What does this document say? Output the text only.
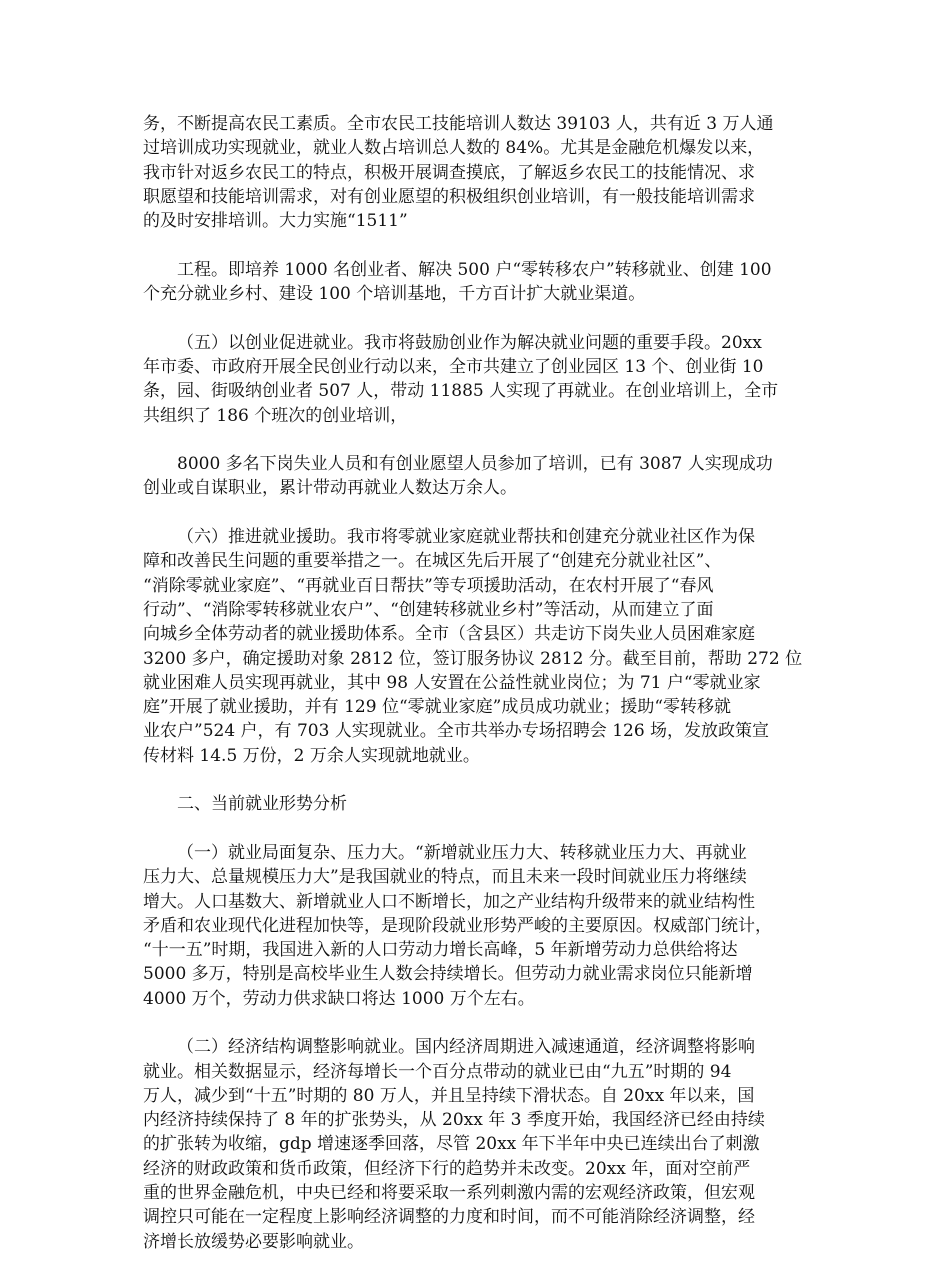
务，不断提高农民工素质。全市农民工技能培训人数达 39103 人，共有近 3 万人通
过培训成功实现就业，就业人数占培训总人数的 84%。尤其是金融危机爆发以来，
我市针对返乡农民工的特点，积极开展调查摸底，了解返乡农民工的技能情况、求
职愿望和技能培训需求，对有创业愿望的积极组织创业培训，有一般技能培训需求
的及时安排培训。大力实施“1511”
工程。即培养 1000 名创业者、解决 500 户“零转移农户”转移就业、创建 100
个充分就业乡村、建设 100 个培训基地，千方百计扩大就业渠道。
（五）以创业促进就业。我市将鼓励创业作为解决就业问题的重要手段。20xx
年市委、市政府开展全民创业行动以来，全市共建立了创业园区 13 个、创业街 10
条，园、街吸纳创业者 507 人，带动 11885 人实现了再就业。在创业培训上，全市
共组织了 186 个班次的创业培训，
8000 多名下岗失业人员和有创业愿望人员参加了培训，已有 3087 人实现成功
创业或自谋职业，累计带动再就业人数达万余人。
（六）推进就业援助。我市将零就业家庭就业帮扶和创建充分就业社区作为保
障和改善民生问题的重要举措之一。在城区先后开展了“创建充分就业社区”、
“消除零就业家庭”、“再就业百日帮扶”等专项援助活动，在农村开展了“春风
行动”、“消除零转移就业农户”、“创建转移就业乡村”等活动，从而建立了面
向城乡全体劳动者的就业援助体系。全市（含县区）共走访下岗失业人员困难家庭
3200 多户，确定援助对象 2812 位，签订服务协议 2812 分。截至目前，帮助 272 位
就业困难人员实现再就业，其中 98 人安置在公益性就业岗位；为 71 户“零就业家
庭”开展了就业援助，并有 129 位“零就业家庭”成员成功就业；援助“零转移就
业农户”524 户，有 703 人实现就业。全市共举办专场招聘会 126 场，发放政策宣
传材料 14.5 万份，2 万余人实现就地就业。
二、当前就业形势分析
（一）就业局面复杂、压力大。“新增就业压力大、转移就业压力大、再就业
压力大、总量规模压力大”是我国就业的特点，而且未来一段时间就业压力将继续
增大。人口基数大、新增就业人口不断增长，加之产业结构升级带来的就业结构性
矛盾和农业现代化进程加快等，是现阶段就业形势严峻的主要原因。权威部门统计，
“十一五”时期，我国进入新的人口劳动力增长高峰，5 年新增劳动力总供给将达
5000 多万，特别是高校毕业生人数会持续增长。但劳动力就业需求岗位只能新增
4000 万个，劳动力供求缺口将达 1000 万个左右。
（二）经济结构调整影响就业。国内经济周期进入减速通道，经济调整将影响
就业。相关数据显示，经济每增长一个百分点带动的就业已由“九五”时期的 94
万人，减少到“十五”时期的 80 万人，并且呈持续下滑状态。自 20xx 年以来，国
内经济持续保持了 8 年的扩张势头，从 20xx 年 3 季度开始，我国经济已经由持续
的扩张转为收缩，gdp 增速逐季回落，尽管 20xx 年下半年中央已连续出台了刺激
经济的财政政策和货币政策，但经济下行的趋势并未改变。20xx 年，面对空前严
重的世界金融危机，中央已经和将要采取一系列刺激内需的宏观经济政策，但宏观
调控只可能在一定程度上影响经济调整的力度和时间，而不可能消除经济调整，经
济增长放缓势必要影响就业。
